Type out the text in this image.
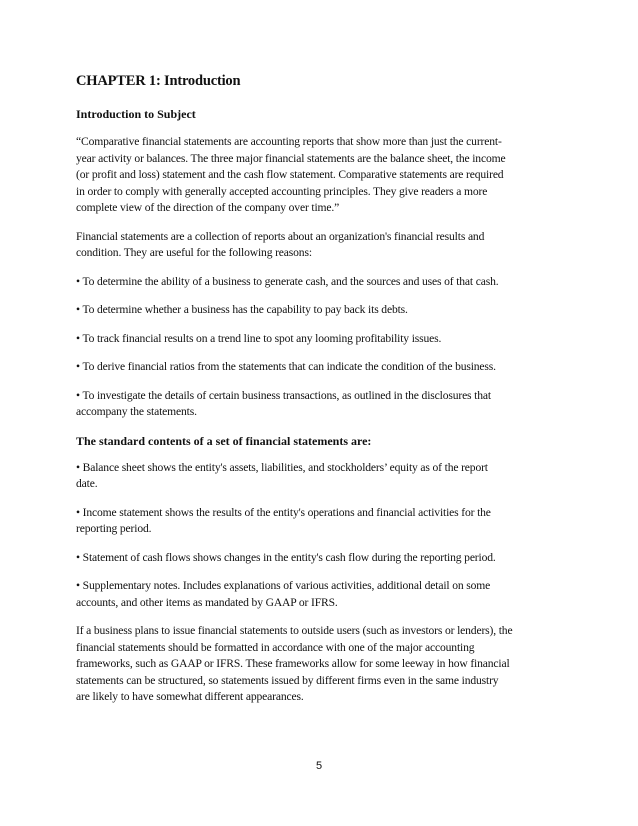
CHAPTER 1: Introduction
Introduction to Subject

“Comparative financial statements are accounting reports that show more than just the current-
year activity or balances. The three major financial statements are the balance sheet, the income
(or profit and loss) statement and the cash flow statement. Comparative statements are required
in order to comply with generally accepted accounting principles. They give readers a more
complete view of the direction of the company over time.”

Financial statements are a collection of reports about an organization's financial results and
condition. They are useful for the following reasons:

• To determine the ability of a business to generate cash, and the sources and uses of that cash.

• To determine whether a business has the capability to pay back its debts.

• To track financial results on a trend line to spot any looming profitability issues.

• To derive financial ratios from the statements that can indicate the condition of the business.

• To investigate the details of certain business transactions, as outlined in the disclosures that
accompany the statements.

The standard contents of a set of financial statements are:

• Balance sheet shows the entity's assets, liabilities, and stockholders’ equity as of the report
date.

• Income statement shows the results of the entity's operations and financial activities for the
reporting period.

• Statement of cash flows shows changes in the entity's cash flow during the reporting period.

• Supplementary notes. Includes explanations of various activities, additional detail on some
accounts, and other items as mandated by GAAP or IFRS.

If a business plans to issue financial statements to outside users (such as investors or lenders), the
financial statements should be formatted in accordance with one of the major accounting
frameworks, such as GAAP or IFRS. These frameworks allow for some leeway in how financial
statements can be structured, so statements issued by different firms even in the same industry
are likely to have somewhat different appearances.

5
